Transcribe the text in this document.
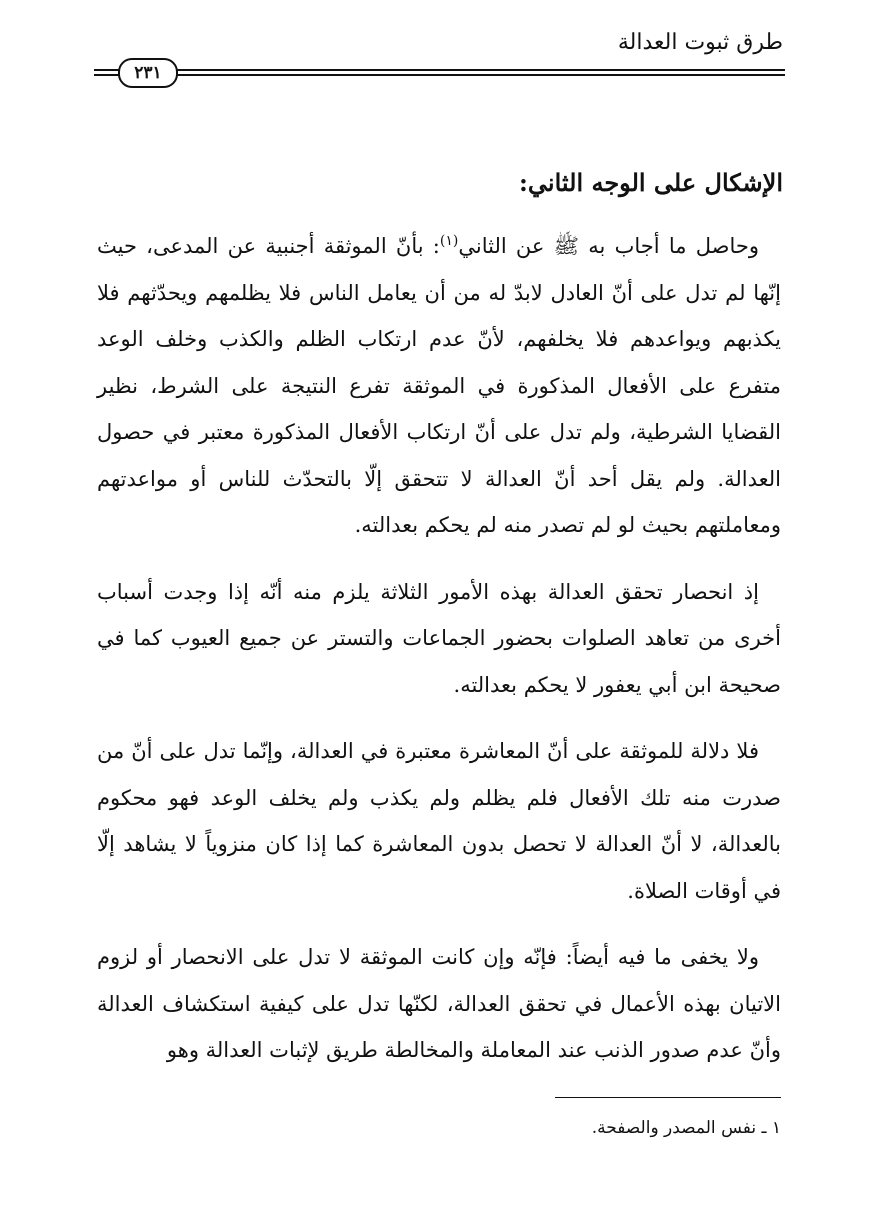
طرق ثبوت العدالة
٢٣١
الإشكال على الوجه الثاني:

وحاصل ما أجاب به ﷺ عن الثاني$^{(١)}$: بأنّ الموثقة أجنبية عن المدعى، حيث إنّها لم تدل على أنّ العادل لابدّ له من أن يعامل الناس فلا يظلمهم ويحدّثهم فلا يكذبهم ويواعدهم فلا يخلفهم، لأنّ عدم ارتكاب الظلم والكذب وخلف الوعد متفرع على الأفعال المذكورة في الموثقة تفرع النتيجة على الشرط، نظير القضايا الشرطية، ولم تدل على أنّ ارتكاب الأفعال المذكورة معتبر في حصول العدالة. ولم يقل أحد أنّ العدالة لا تتحقق إلّا بالتحدّث للناس أو مواعدتهم ومعاملتهم بحيث لو لم تصدر منه لم يحكم بعدالته.

إذ انحصار تحقق العدالة بهذه الأمور الثلاثة يلزم منه أنّه إذا وجدت أسباب أخرى من تعاهد الصلوات بحضور الجماعات والتستر عن جميع العيوب كما في صحيحة ابن أبي يعفور لا يحكم بعدالته.

فلا دلالة للموثقة على أنّ المعاشرة معتبرة في العدالة، وإنّما تدل على أنّ من صدرت منه تلك الأفعال فلم يظلم ولم يكذب ولم يخلف الوعد فهو محكوم بالعدالة، لا أنّ العدالة لا تحصل بدون المعاشرة كما إذا كان منزوياً لا يشاهد إلّا في أوقات الصلاة.

ولا يخفى ما فيه أيضاً: فإنّه وإن كانت الموثقة لا تدل على الانحصار أو لزوم الاتيان بهذه الأعمال في تحقق العدالة، لكنّها تدل على كيفية استكشاف العدالة وأنّ عدم صدور الذنب عند المعاملة والمخالطة طريق لإثبات العدالة وهو

١ ـ نفس المصدر والصفحة.
